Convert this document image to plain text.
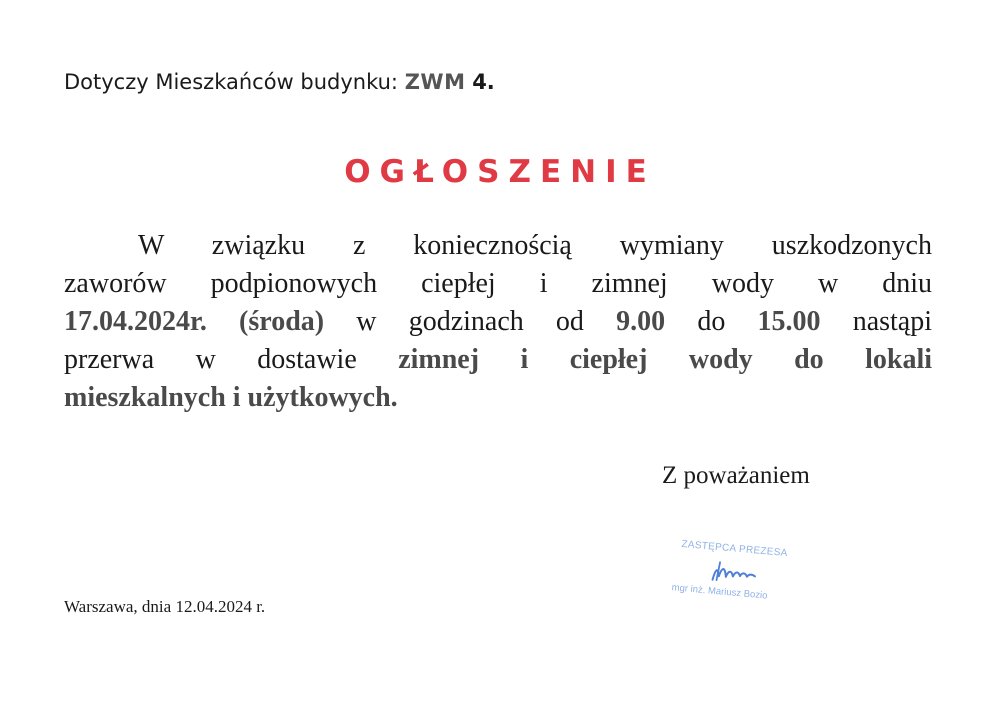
Dotyczy Mieszkańców budynku: ZWM 4.
OGŁOSZENIE
W związku z koniecznością wymiany uszkodzonych
zaworów podpionowych ciepłej i zimnej wody w dniu
17.04.2024r. (środa) w godzinach od 9.00 do 15.00 nastąpi
przerwa w dostawie zimnej i ciepłej wody do lokali
mieszkalnych i użytkowych.
Z poważaniem
ZASTĘPCA PREZESA
mgr inż. Mariusz Bozio
Warszawa, dnia 12.04.2024 r.
